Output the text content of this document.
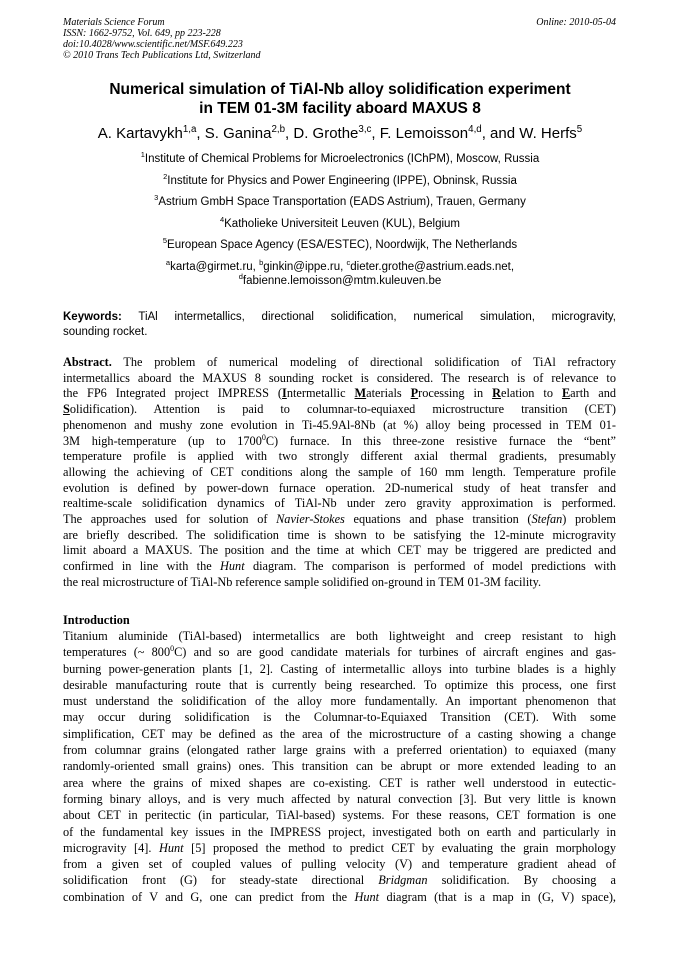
Materials Science Forum
ISSN: 1662-9752, Vol. 649, pp 223-228
doi:10.4028/www.scientific.net/MSF.649.223
© 2010 Trans Tech Publications Ltd, Switzerland
Online: 2010-05-04
Numerical simulation of TiAl-Nb alloy solidification experiment
in TEM 01-3M facility aboard MAXUS 8
A. Kartavykh$^{1,a}$, S. Ganina$^{2,b}$, D. Grothe$^{3,c}$, F. Lemoisson$^{4,d}$, and W. Herfs$^5$
$^1$Institute of Chemical Problems for Microelectronics (IChPM), Moscow, Russia
$^2$Institute for Physics and Power Engineering (IPPE), Obninsk, Russia
$^3$Astrium GmbH Space Transportation (EADS Astrium), Trauen, Germany
$^4$Katholieke Universiteit Leuven (KUL), Belgium
$^5$European Space Agency (ESA/ESTEC), Noordwijk, The Netherlands
$^a$karta@girmet.ru, $^b$ginkin@ippe.ru, $^c$dieter.grothe@astrium.eads.net,
$^d$fabienne.lemoisson@mtm.kuleuven.be
Keywords: TiAl intermetallics, directional solidification, numerical simulation, microgravity,
sounding rocket.
Abstract. The problem of numerical modeling of directional solidification of TiAl refractory
intermetallics aboard the MAXUS 8 sounding rocket is considered. The research is of relevance to
the FP6 Integrated project IMPRESS (Intermetallic Materials Processing in Relation to Earth and
Solidification). Attention is paid to columnar-to-equiaxed microstructure transition (CET)
phenomenon and mushy zone evolution in Ti-45.9Al-8Nb (at %) alloy being processed in TEM 01-
3M high-temperature (up to 1700$^0$C) furnace. In this three-zone resistive furnace the “bent”
temperature profile is applied with two strongly different axial thermal gradients, presumably
allowing the achieving of CET conditions along the sample of 160 mm length. Temperature profile
evolution is defined by power-down furnace operation. 2D-numerical study of heat transfer and
realtime-scale solidification dynamics of TiAl-Nb under zero gravity approximation is performed.
The approaches used for solution of Navier-Stokes equations and phase transition (Stefan) problem
are briefly described. The solidification time is shown to be satisfying the 12-minute microgravity
limit aboard a MAXUS. The position and the time at which CET may be triggered are predicted and
confirmed in line with the Hunt diagram. The comparison is performed of model predictions with
the real microstructure of TiAl-Nb reference sample solidified on-ground in TEM 01-3M facility.
Introduction
Titanium aluminide (TiAl-based) intermetallics are both lightweight and creep resistant to high
temperatures (~ $800^0C$) and so are good candidate materials for turbines of aircraft engines and gas-
burning power-generation plants [1, 2]. Casting of intermetallic alloys into turbine blades is a highly
desirable manufacturing route that is currently being researched. To optimize this process, one first
must understand the solidification of the alloy more fundamentally. An important phenomenon that
may occur during solidification is the Columnar-to-Equiaxed Transition (CET). With some
simplification, CET may be defined as the area of the microstructure of a casting showing a change
from columnar grains (elongated rather large grains with a preferred orientation) to equiaxed (many
randomly-oriented small grains) ones. This transition can be abrupt or more extended leading to an
area where the grains of mixed shapes are co-existing. CET is rather well understood in eutectic-
forming binary alloys, and is very much affected by natural convection [3]. But very little is known
about CET in peritectic (in particular, TiAl-based) systems. For these reasons, CET formation is one
of the fundamental key issues in the IMPRESS project, investigated both on earth and particularly in
microgravity [4]. Hunt [5] proposed the method to predict CET by evaluating the grain morphology
from a given set of coupled values of pulling velocity (V) and temperature gradient ahead of
solidification front (G) for steady-state directional Bridgman solidification. By choosing a
combination of V and G, one can predict from the Hunt diagram (that is a map in (G, V) space),
